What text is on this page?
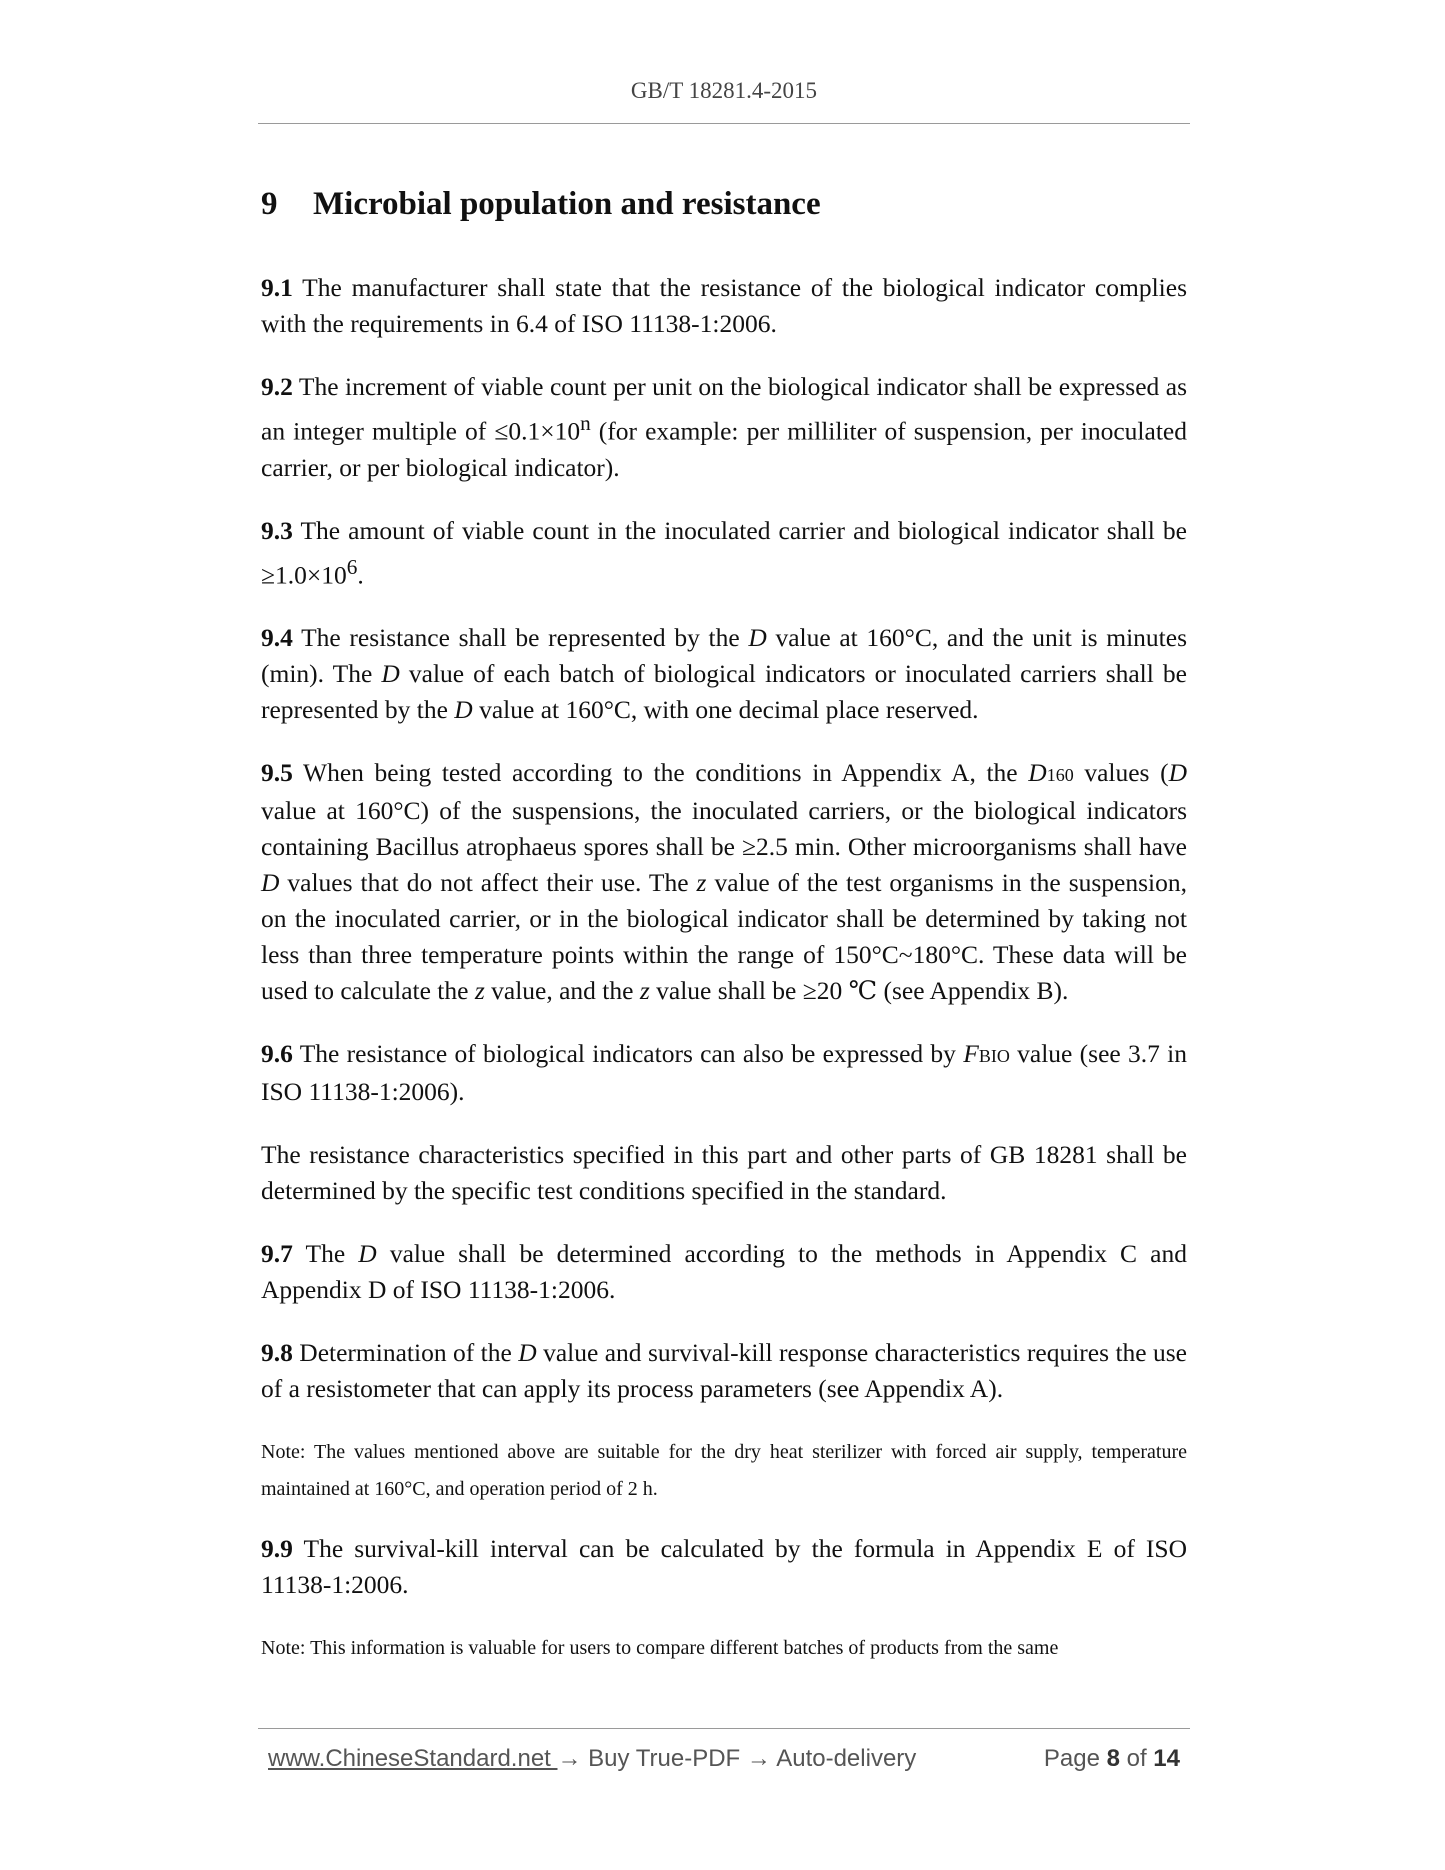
GB/T 18281.4-2015
9 Microbial population and resistance

9.1 The manufacturer shall state that the resistance of the biological indicator complies with the requirements in 6.4 of ISO 11138-1:2006.

9.2 The increment of viable count per unit on the biological indicator shall be expressed as an integer multiple of $\le 0.1\times 10^n$ (for example: per milliliter of suspension, per inoculated carrier, or per biological indicator).

9.3 The amount of viable count in the inoculated carrier and biological indicator shall be $\ge 1.0\times 10^6$.

9.4 The resistance shall be represented by the D value at 160°C, and the unit is minutes (min). The D value of each batch of biological indicators or inoculated carriers shall be represented by the D value at 160°C, with one decimal place reserved.

9.5 When being tested according to the conditions in Appendix A, the D160 values (D value at 160°C) of the suspensions, the inoculated carriers, or the biological indicators containing Bacillus atrophaeus spores shall be ≥2.5 min. Other microorganisms shall have D values that do not affect their use. The z value of the test organisms in the suspension, on the inoculated carrier, or in the biological indicator shall be determined by taking not less than three temperature points within the range of 150°C~180°C. These data will be used to calculate the z value, and the z value shall be ≥20 ℃ (see Appendix B).

9.6 The resistance of biological indicators can also be expressed by FBIO value (see 3.7 in ISO 11138-1:2006).

The resistance characteristics specified in this part and other parts of GB 18281 shall be determined by the specific test conditions specified in the standard.

9.7 The D value shall be determined according to the methods in Appendix C and Appendix D of ISO 11138-1:2006.

9.8 Determination of the D value and survival-kill response characteristics requires the use of a resistometer that can apply its process parameters (see Appendix A).

Note: The values mentioned above are suitable for the dry heat sterilizer with forced air supply, temperature maintained at 160°C, and operation period of 2 h.

9.9 The survival-kill interval can be calculated by the formula in Appendix E of ISO 11138-1:2006.

Note: This information is valuable for users to compare different batches of products from the same

www.ChineseStandard.net → Buy True-PDF → Auto-delivery	Page 8 of 14
